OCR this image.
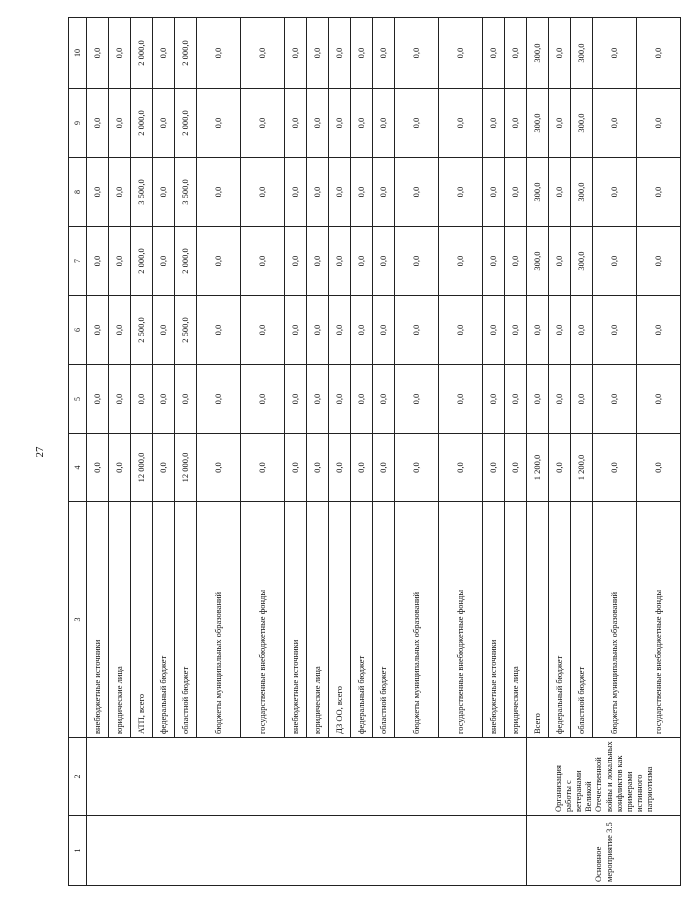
27
1	2	3	4	5	6	7	8	9	10
		внебюджетные источники	0,0	0,0	0,0	0,0	0,0	0,0	0,0
		юридические лица	0,0	0,0	0,0	0,0	0,0	0,0	0,0
		АТП, всего	12 000,0	0,0	2 500,0	2 000,0	3 500,0	2 000,0	2 000,0
		федеральный бюджет	0,0	0,0	0,0	0,0	0,0	0,0	0,0
		областной бюджет	12 000,0	0,0	2 500,0	2 000,0	3 500,0	2 000,0	2 000,0
		бюджеты муниципальных образований	0,0	0,0	0,0	0,0	0,0	0,0	0,0
		государственные внебюджетные фонды	0,0	0,0	0,0	0,0	0,0	0,0	0,0
		внебюджетные источники	0,0	0,0	0,0	0,0	0,0	0,0	0,0
		юридические лица	0,0	0,0	0,0	0,0	0,0	0,0	0,0
		ДЗ ОО, всего	0,0	0,0	0,0	0,0	0,0	0,0	0,0
		федеральный бюджет	0,0	0,0	0,0	0,0	0,0	0,0	0,0
		областной бюджет	0,0	0,0	0,0	0,0	0,0	0,0	0,0
		бюджеты муниципальных образований	0,0	0,0	0,0	0,0	0,0	0,0	0,0
		государственные внебюджетные фонды	0,0	0,0	0,0	0,0	0,0	0,0	0,0
		внебюджетные источники	0,0	0,0	0,0	0,0	0,0	0,0	0,0
		юридические лица	0,0	0,0	0,0	0,0	0,0	0,0	0,0
Основное мероприятие 3.5	Организация работы с ветеранами Великой Отечественной войны и локальных конфликтов как примерами истинного патриотизма	Всего	1 200,0	0,0	0,0	300,0	300,0	300,0	300,0
		федеральный бюджет	0,0	0,0	0,0	0,0	0,0	0,0	0,0
		областной бюджет	1 200,0	0,0	0,0	300,0	300,0	300,0	300,0
		бюджеты муниципальных образований	0,0	0,0	0,0	0,0	0,0	0,0	0,0
		государственные внебюджетные фонды	0,0	0,0	0,0	0,0	0,0	0,0	0,0
